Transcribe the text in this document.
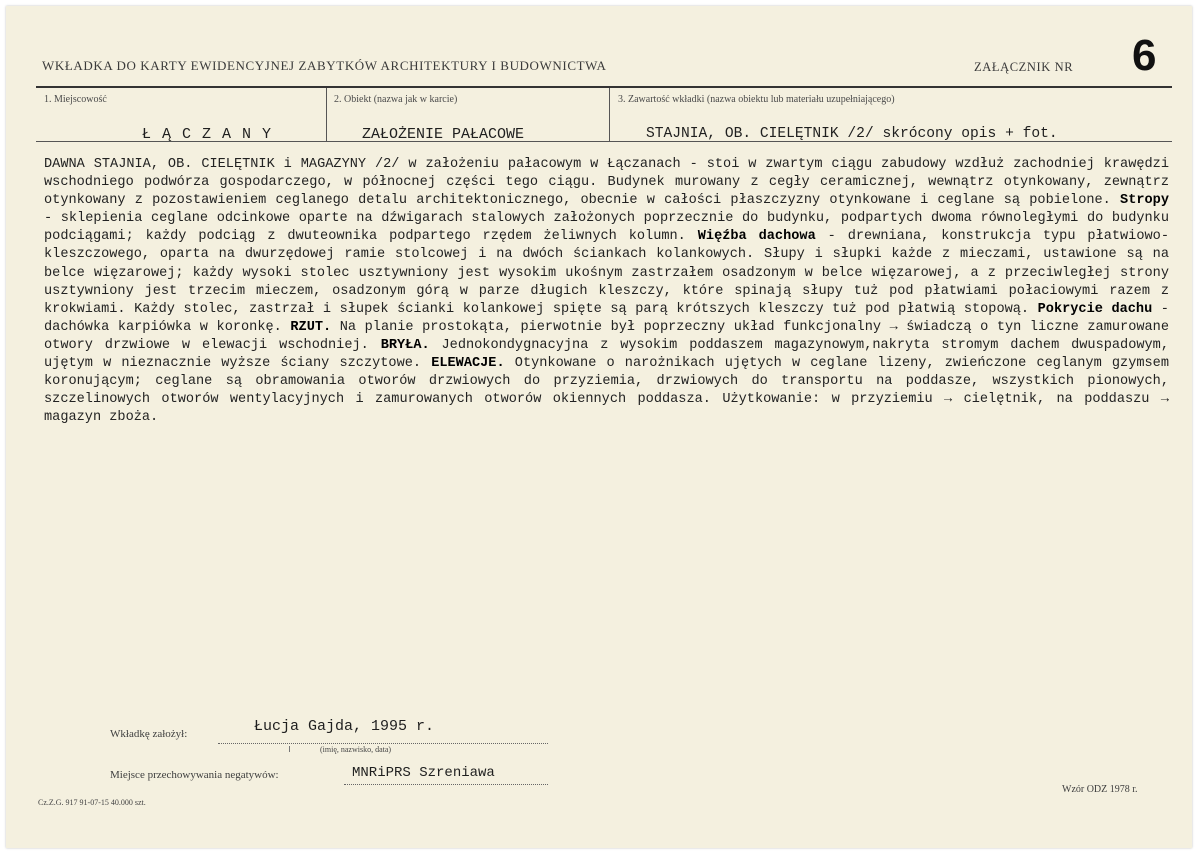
WKŁADKA DO KARTY EWIDENCYJNEJ ZABYTKÓW ARCHITEKTURY I BUDOWNICTWA	ZAŁĄCZNIK NR 6
1. Miejscowość	2. Obiekt (nazwa jak w karcie)	3. Zawartość wkładki (nazwa obiektu lub materiału uzupełniającego)
Ł Ą C Z A N Y	ZAŁOŻENIE PAŁACOWE	STAJNIA, OB. CIELĘTNIK /2/ skrócony opis + fot.

DAWNA STAJNIA, OB. CIELĘTNIK i MAGAZYNY /2/ w założeniu pałacowym w Łączanach - stoi w zwartym ciągu zabudowy wzdłuż zachodniej krawędzi wschodniego podwórza gospodarczego, w północnej części tego ciągu. Budynek murowany z cegły ceramicznej, wewnątrz otynkowany, zewnątrz otynkowany z pozostawieniem ceglanego detalu architektonicznego, obecnie w całości płaszczyzny otynkowane i ceglane są pobielone. Stropy - sklepienia ceglane odcinkowe oparte na dźwigarach stalowych założonych poprzecznie do budynku, podpartych dwoma równoległymi do budynku podciągami; każdy podciąg z dwuteownika podpartego rzędem żeliwnych kolumn. Więźba dachowa - drewniana, konstrukcja typu płatwiowo-kleszczowego, oparta na dwurzędowej ramie stolcowej i na dwóch ściankach kolankowych. Słupy i słupki każde z mieczami, ustawione są na belce więzarowej; każdy wysoki stolec usztywniony jest wysokim ukośnym zastrzałem osadzonym w belce więzarowej, a z przeciwległej strony usztywniony jest trzecim mieczem, osadzonym górą w parze długich kleszczy, które spinają słupy tuż pod płatwiami połaciowymi razem z krokwiami. Każdy stolec, zastrzał i słupek ścianki kolankowej spięte są parą krótszych kleszczy tuż pod płatwią stopową. Pokrycie dachu - dachówka karpiówka w koronkę. RZUT. Na planie prostokąta, pierwotnie był poprzeczny układ funkcjonalny → świadczą o tyn liczne zamurowane otwory drzwiowe w elewacji wschodniej. BRYŁA. Jednokondygnacyjna z wysokim poddaszem magazynowym,nakryta stromym dachem dwuspadowym, ujętym w nieznacznie wyższe ściany szczytowe. ELEWACJE. Otynkowane o narożnikach ujętych w ceglane lizeny, zwieńczone ceglanym gzymsem koronującym; ceglane są obramowania otworów drzwiowych do przyziemia, drzwiowych do transportu na poddasze, wszystkich pionowych, szczelinowych otworów wentylacyjnych i zamurowanych otworów okiennych poddasza. Użytkowanie: w przyziemiu → cielętnik, na poddaszu → magazyn zboża.

Wkładkę założył:	Łucja Gajda, 1995 r.
(imię, nazwisko, data)
Miejsce przechowywania negatywów:	MNRiPRS Szreniawa
Cz.Z.G. 917 91-07-15 40.000 szt.
Wzór ODZ 1978 r.
